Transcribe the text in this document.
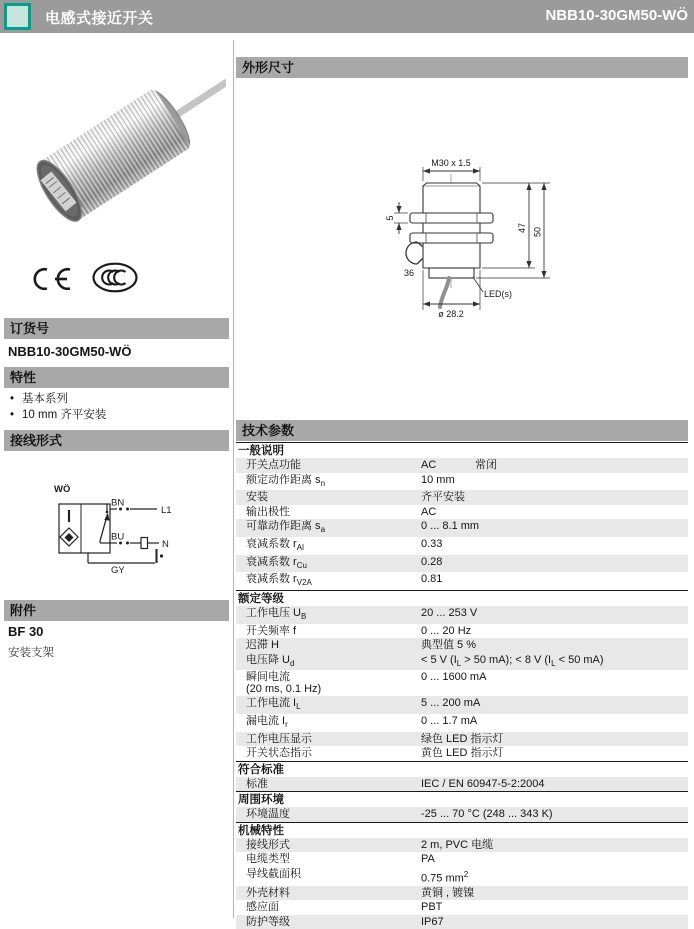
电感式接近开关	NBB10-30GM50-WÖ
订货号
NBB10-30GM50-WÖ
特性
• 基本系列
• 10 mm 齐平安装
接线形式
WÖ
BN
L1
BU
N
GY
附件
BF 30
安装支架
外形尺寸
M30 x 1.5
ø 28.2
47 50
5
36
LED(s)
技术参数
一般说明
开关点功能	AC	常闭
额定动作距离 $s_n$	10 mm
安装	齐平安装
输出极性	AC
可靠动作距离 $s_a$	0 ... 8.1 mm
衰减系数 $r_{Al}$	0.33
衰减系数 $r_{Cu}$	0.28
衰减系数 $r_{V2A}$	0.81
额定等级
工作电压 $U_B$	20 ... 253 V
开关频率 f	0 ... 20 Hz
迟滞 H	典型值 5 %
电压降 $U_d$	< 5 V ($I_L > 50$ mA); < 8 V ($I_L < 50$ mA)
瞬间电流
(20 ms, 0.1 Hz)
0 ... 1600 mA
工作电流 $I_L$	5 ... 200 mA
漏电流 $I_r$	0 ... 1.7 mA
工作电压显示	绿色 LED 指示灯
开关状态指示	黄色 LED 指示灯
符合标准
标准	IEC / EN 60947-5-2:2004
周围环境
环境温度	-25 ... 70 °C (248 ... 343 K)
机械特性
接线形式	2 m, PVC 电缆
电缆类型	PA
导线截面积	0.75 $mm^2$
外壳材料	黄铜 , 镀镍
感应面	PBT
防护等级	IP67
